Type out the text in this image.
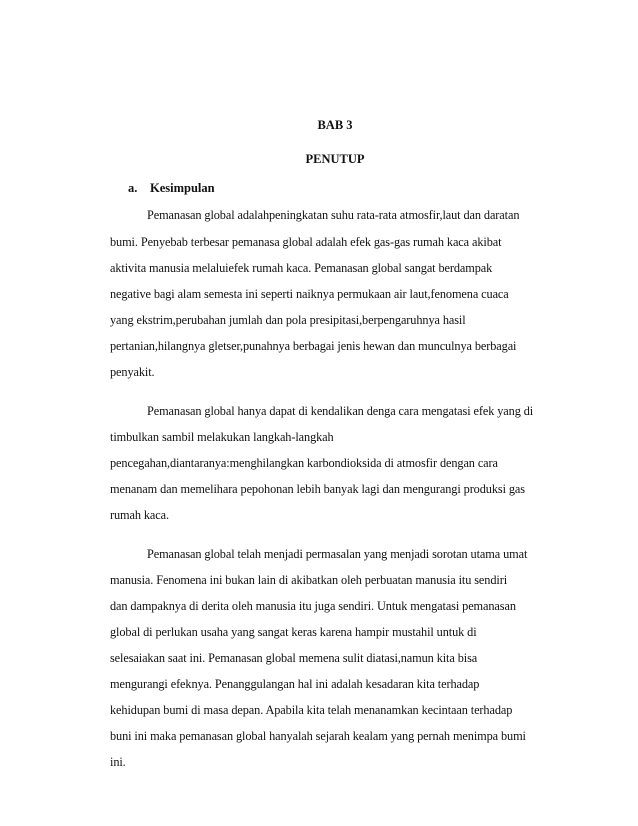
BAB 3
PENUTUP
a. Kesimpulan
Pemanasan global adalahpeningkatan suhu rata-rata atmosfir,laut dan daratan
bumi. Penyebab terbesar pemanasa global adalah efek gas-gas rumah kaca akibat
aktivita manusia melaluiefek rumah kaca. Pemanasan global sangat berdampak
negative bagi alam semesta ini seperti naiknya permukaan air laut,fenomena cuaca
yang ekstrim,perubahan jumlah dan pola presipitasi,berpengaruhnya hasil
pertanian,hilangnya gletser,punahnya berbagai jenis hewan dan munculnya berbagai
penyakit.
Pemanasan global hanya dapat di kendalikan denga cara mengatasi efek yang di
timbulkan sambil melakukan langkah-langkah
pencegahan,diantaranya:menghilangkan karbondioksida di atmosfir dengan cara
menanam dan memelihara pepohonan lebih banyak lagi dan mengurangi produksi gas
rumah kaca.
Pemanasan global telah menjadi permasalan yang menjadi sorotan utama umat
manusia. Fenomena ini bukan lain di akibatkan oleh perbuatan manusia itu sendiri
dan dampaknya di derita oleh manusia itu juga sendiri. Untuk mengatasi pemanasan
global di perlukan usaha yang sangat keras karena hampir mustahil untuk di
selesaiakan saat ini. Pemanasan global memena sulit diatasi,namun kita bisa
mengurangi efeknya. Penanggulangan hal ini adalah kesadaran kita terhadap
kehidupan bumi di masa depan. Apabila kita telah menanamkan kecintaan terhadap
buni ini maka pemanasan global hanyalah sejarah kealam yang pernah menimpa bumi
ini.
